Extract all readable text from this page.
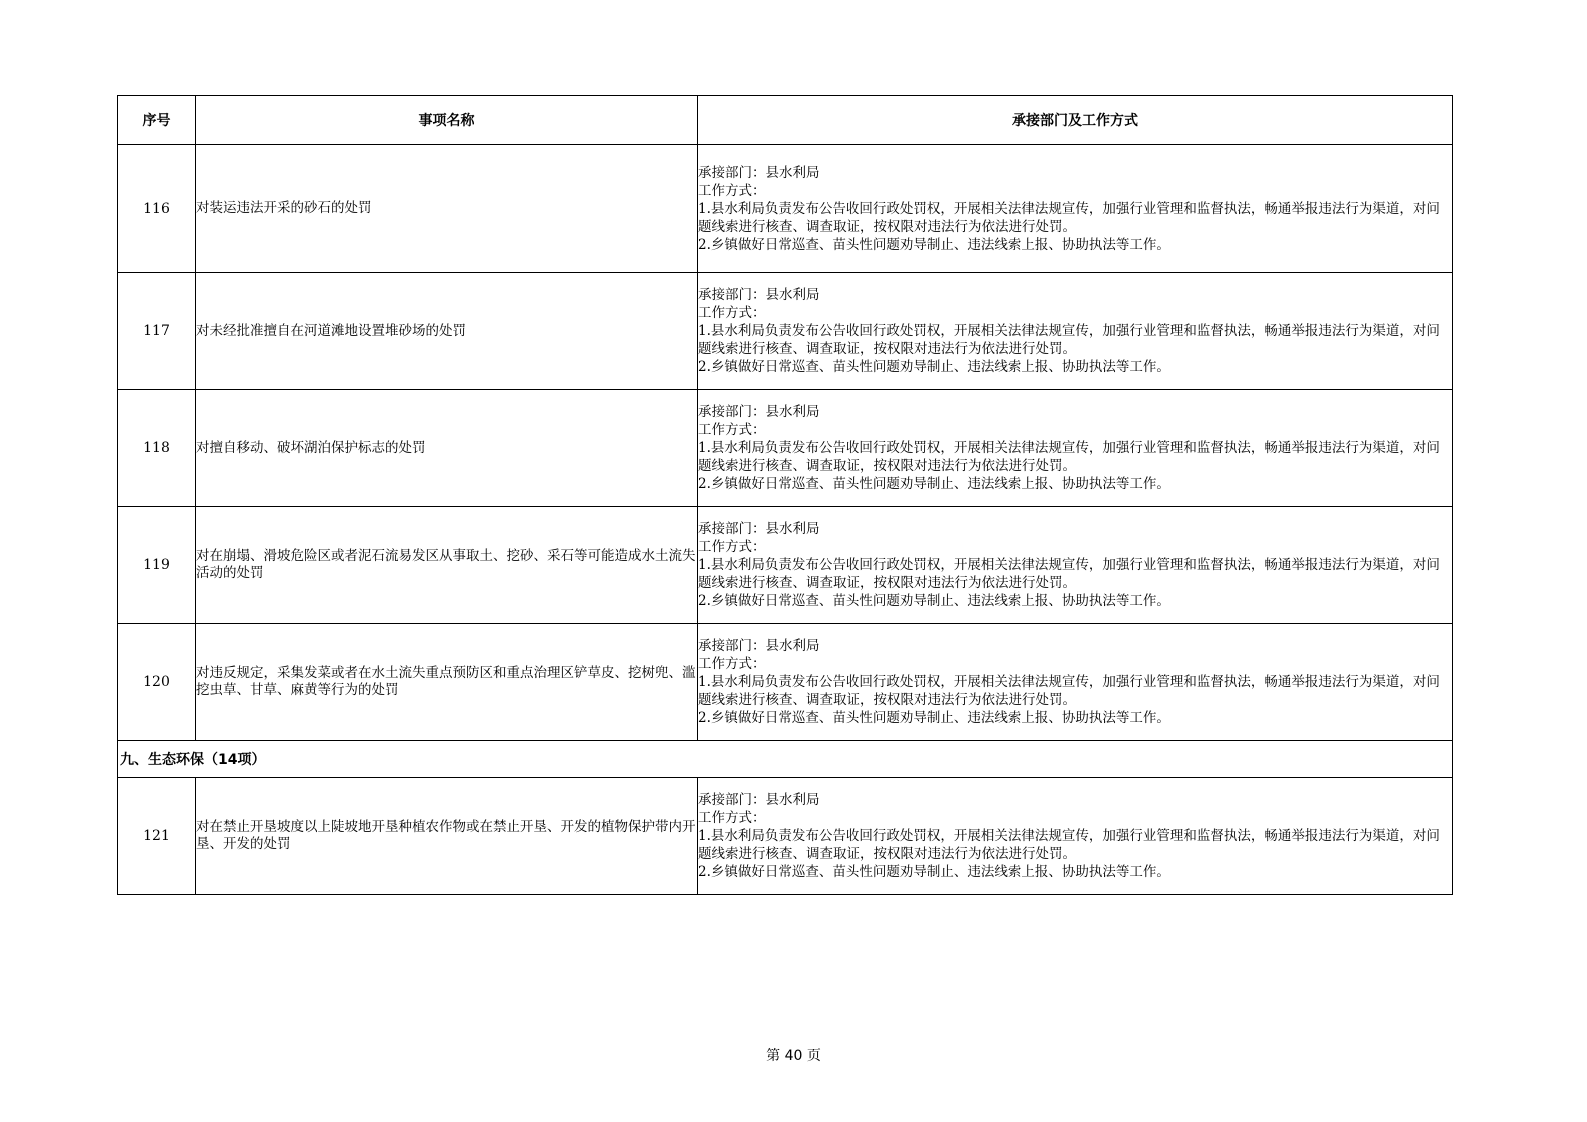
序号	事项名称	承接部门及工作方式
116	对装运违法开采的砂石的处罚	承接部门：县水利局
工作方式：
1.县水利局负责发布公告收回行政处罚权，开展相关法律法规宣传，加强行业管理和监督执法，畅通举报违法行为渠道，对问题线索进行核查、调查取证，按权限对违法行为依法进行处罚。
2.乡镇做好日常巡查、苗头性问题劝导制止、违法线索上报、协助执法等工作。

117	对未经批准擅自在河道滩地设置堆砂场的处罚	承接部门：县水利局
工作方式：
1.县水利局负责发布公告收回行政处罚权，开展相关法律法规宣传，加强行业管理和监督执法，畅通举报违法行为渠道，对问题线索进行核查、调查取证，按权限对违法行为依法进行处罚。
2.乡镇做好日常巡查、苗头性问题劝导制止、违法线索上报、协助执法等工作。

118	对擅自移动、破坏湖泊保护标志的处罚	承接部门：县水利局
工作方式：
1.县水利局负责发布公告收回行政处罚权，开展相关法律法规宣传，加强行业管理和监督执法，畅通举报违法行为渠道，对问题线索进行核查、调查取证，按权限对违法行为依法进行处罚。
2.乡镇做好日常巡查、苗头性问题劝导制止、违法线索上报、协助执法等工作。

119	对在崩塌、滑坡危险区或者泥石流易发区从事取土、挖砂、采石等可能造成水土流失活动的处罚	承接部门：县水利局
工作方式：
1.县水利局负责发布公告收回行政处罚权，开展相关法律法规宣传，加强行业管理和监督执法，畅通举报违法行为渠道，对问题线索进行核查、调查取证，按权限对违法行为依法进行处罚。
2.乡镇做好日常巡查、苗头性问题劝导制止、违法线索上报、协助执法等工作。

120	对违反规定，采集发菜或者在水土流失重点预防区和重点治理区铲草皮、挖树兜、滥挖虫草、甘草、麻黄等行为的处罚	承接部门：县水利局
工作方式：
1.县水利局负责发布公告收回行政处罚权，开展相关法律法规宣传，加强行业管理和监督执法，畅通举报违法行为渠道，对问题线索进行核查、调查取证，按权限对违法行为依法进行处罚。
2.乡镇做好日常巡查、苗头性问题劝导制止、违法线索上报、协助执法等工作。

九、生态环保（14项）		
121	对在禁止开垦坡度以上陡坡地开垦种植农作物或在禁止开垦、开发的植物保护带内开垦、开发的处罚	承接部门：县水利局
工作方式：
1.县水利局负责发布公告收回行政处罚权，开展相关法律法规宣传，加强行业管理和监督执法，畅通举报违法行为渠道，对问题线索进行核查、调查取证，按权限对违法行为依法进行处罚。
2.乡镇做好日常巡查、苗头性问题劝导制止、违法线索上报、协助执法等工作。
第 40 页
